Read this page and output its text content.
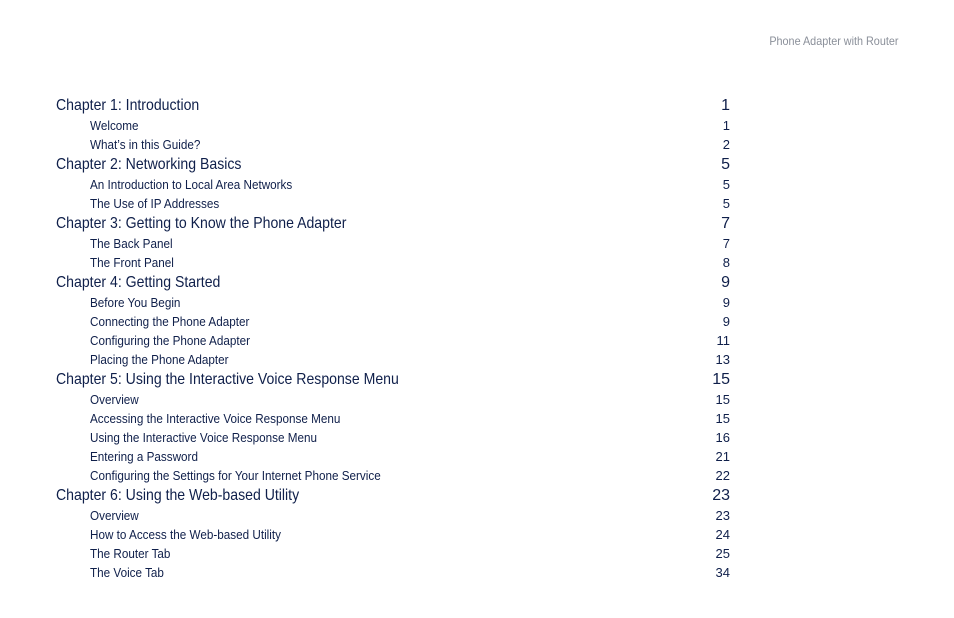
Phone Adapter with Router
Chapter 1: Introduction	1
Welcome	1
What’s in this Guide?	2
Chapter 2: Networking Basics	5
An Introduction to Local Area Networks	5
The Use of IP Addresses	5
Chapter 3: Getting to Know the Phone Adapter	7
The Back Panel	7
The Front Panel	8
Chapter 4: Getting Started	9
Before You Begin	9
Connecting the Phone Adapter	9
Configuring the Phone Adapter	11
Placing the Phone Adapter	13
Chapter 5: Using the Interactive Voice Response Menu	15
Overview	15
Accessing the Interactive Voice Response Menu	15
Using the Interactive Voice Response Menu	16
Entering a Password	21
Configuring the Settings for Your Internet Phone Service	22
Chapter 6: Using the Web-based Utility	23
Overview	23
How to Access the Web-based Utility	24
The Router Tab	25
The Voice Tab	34
